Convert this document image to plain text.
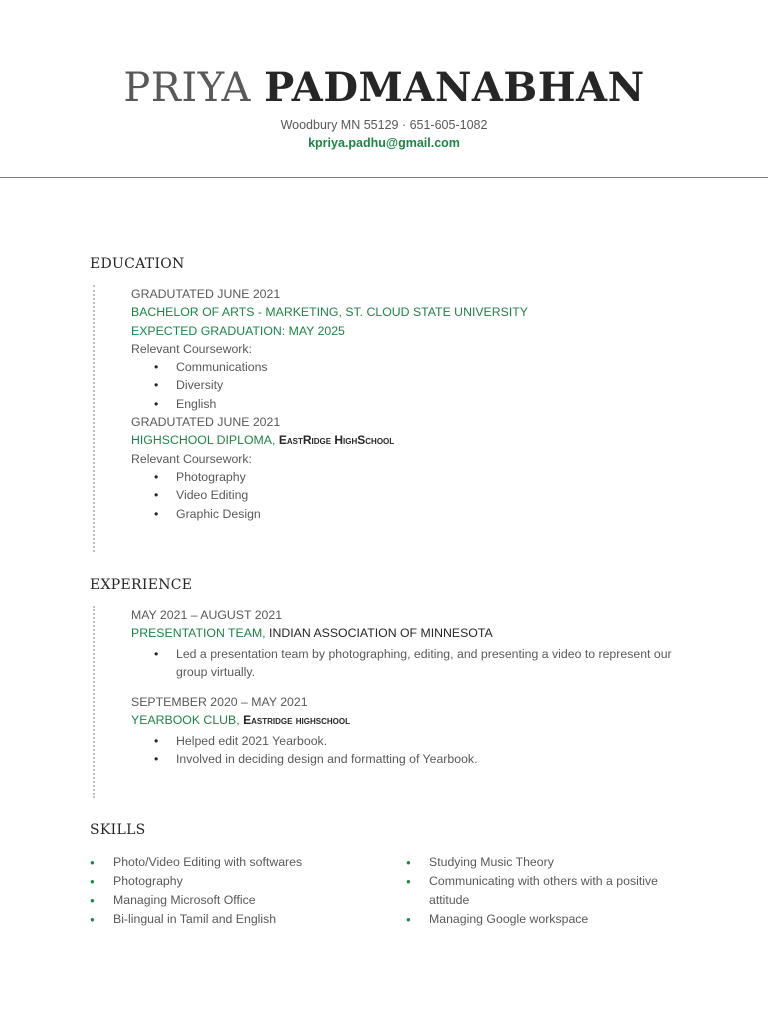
PRIYA PADMANABHAN
Woodbury MN 55129 · 651-605-1082
kpriya.padhu@gmail.com
EDUCATION
GRADUTATED JUNE 2021
BACHELOR OF ARTS - MARKETING, ST. CLOUD STATE UNIVERSITY
EXPECTED GRADUATION: MAY 2025
Relevant Coursework:
• Communications
• Diversity
• English
GRADUTATED JUNE 2021
HIGHSCHOOL DIPLOMA, EastRidge HighSchool
Relevant Coursework:
• Photography
• Video Editing
• Graphic Design
EXPERIENCE
MAY 2021 – AUGUST 2021
PRESENTATION TEAM, INDIAN ASSOCIATION OF MINNESOTA
• Led a presentation team by photographing, editing, and presenting a video to represent our group virtually.
SEPTEMBER 2020 – MAY 2021
YEARBOOK CLUB, Eastridge highschool
• Helped edit 2021 Yearbook.
• Involved in deciding design and formatting of Yearbook.
SKILLS
● Photo/Video Editing with softwares
● Photography
● Managing Microsoft Office
● Bi-lingual in Tamil and English
● Studying Music Theory
● Communicating with others with a positive attitude
● Managing Google workspace
